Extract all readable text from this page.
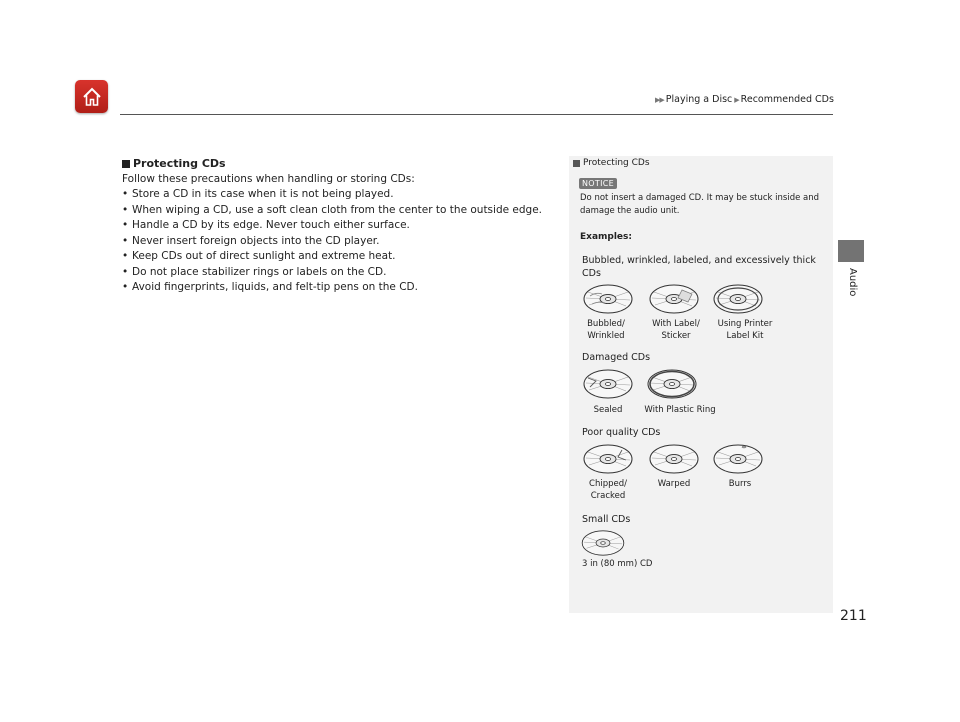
▶▶ Playing a Disc ▶ Recommended CDs
Audio
211
Protecting CDs
Follow these precautions when handling or storing CDs:
• Store a CD in its case when it is not being played.
• When wiping a CD, use a soft clean cloth from the center to the outside edge.
• Handle a CD by its edge. Never touch either surface.
• Never insert foreign objects into the CD player.
• Keep CDs out of direct sunlight and extreme heat.
• Do not place stabilizer rings or labels on the CD.
• Avoid fingerprints, liquids, and felt-tip pens on the CD.
Protecting CDs
NOTICE
Do not insert a damaged CD. It may be stuck inside and damage the audio unit.
Examples:
Bubbled, wrinkled, labeled, and excessively thick CDs
Bubbled/
Wrinkled
With Label/
Sticker
Using Printer
Label Kit
Damaged CDs
Sealed	With Plastic Ring
Poor quality CDs
Chipped/
Cracked
Warped	Burrs
Small CDs
3 in (80 mm) CD
